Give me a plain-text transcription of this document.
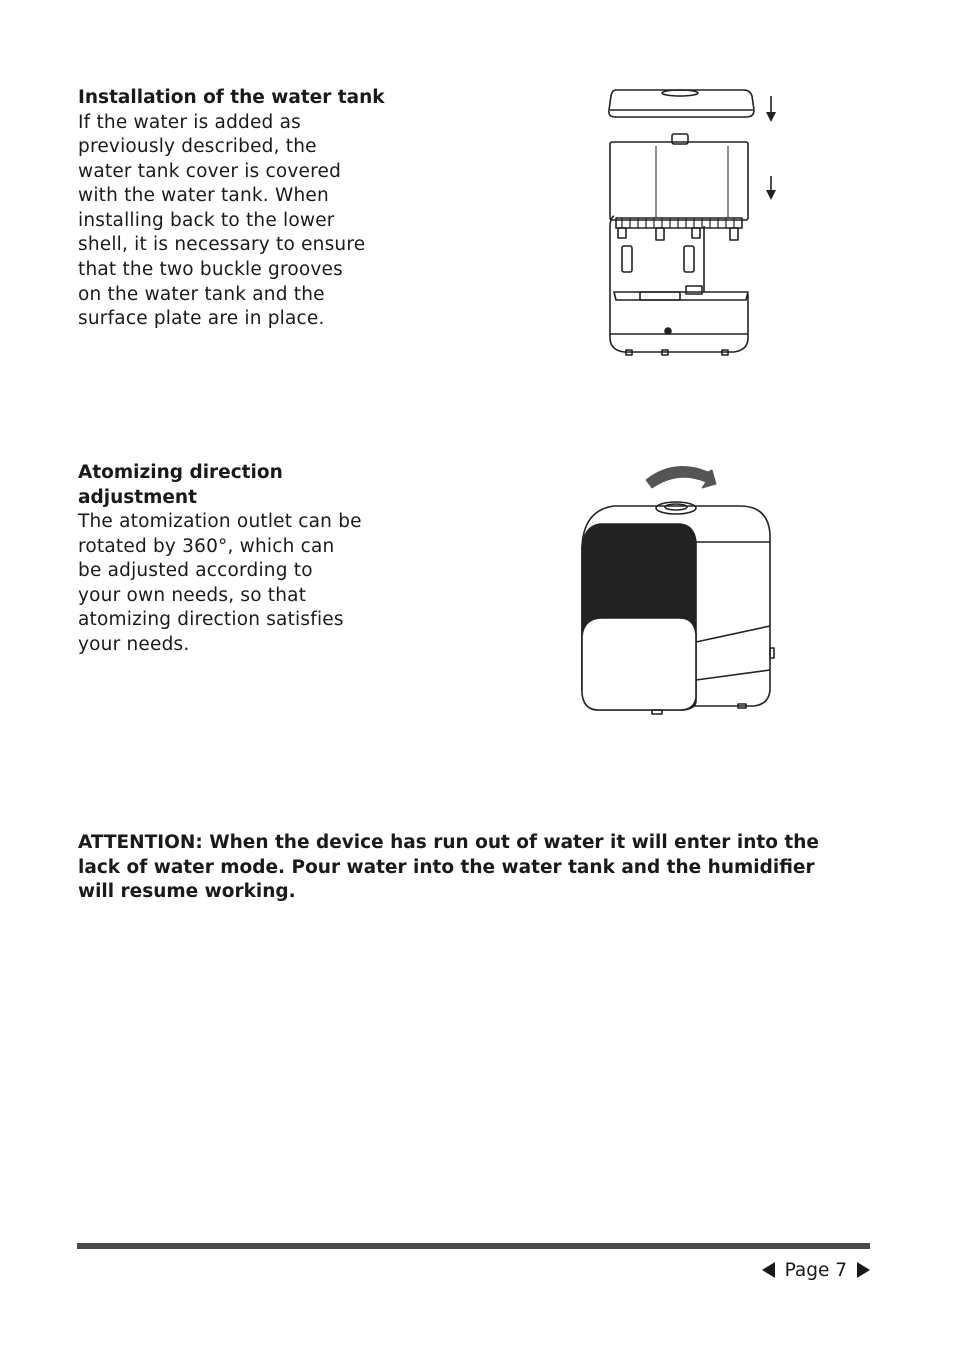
Installation of the water tank

If the water is added as
previously described, the
water tank cover is covered
with the water tank. When
installing back to the lower
shell, it is necessary to ensure
that the two buckle grooves
on the water tank and the
surface plate are in place.

Atomizing direction
adjustment

The atomization outlet can be
rotated by 360°, which can
be adjusted according to
your own needs, so that
atomizing direction satisfies
your needs.

ATTENTION: When the device has run out of water it will enter into the
lack of water mode. Pour water into the water tank and the humidifier
will resume working.

Page 7
